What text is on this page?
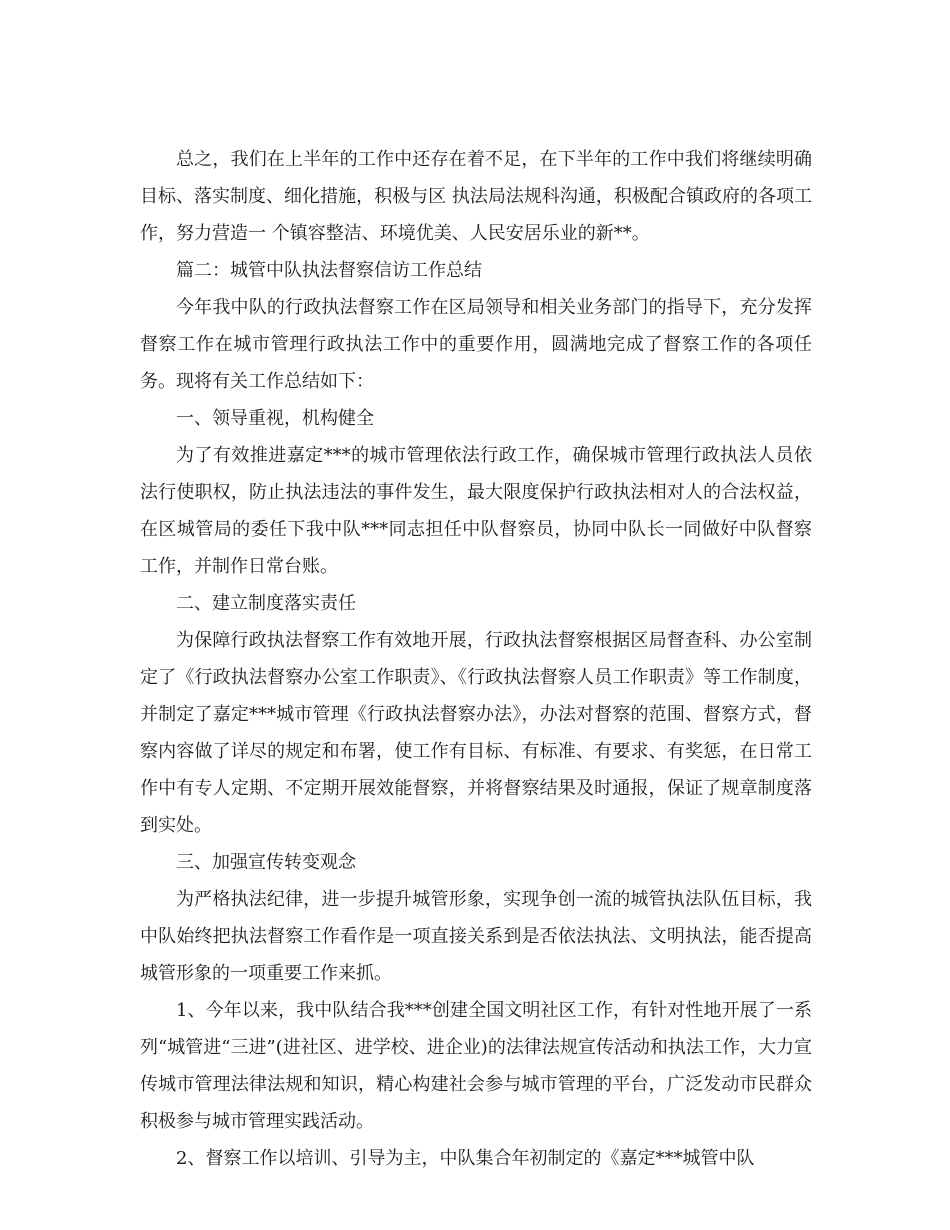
总之，我们在上半年的工作中还存在着不足，在下半年的工作中我们将继续明确目标、落实制度、细化措施，积极与区 执法局法规科沟通，积极配合镇政府的各项工作，努力营造一 个镇容整洁、环境优美、人民安居乐业的新**。

篇二：城管中队执法督察信访工作总结

今年我中队的行政执法督察工作在区局领导和相关业务部门的指导下，充分发挥督察工作在城市管理行政执法工作中的重要作用，圆满地完成了督察工作的各项任务。现将有关工作总结如下：

一、领导重视，机构健全

为了有效推进嘉定***的城市管理依法行政工作，确保城市管理行政执法人员依法行使职权，防止执法违法的事件发生，最大限度保护行政执法相对人的合法权益，在区城管局的委任下我中队***同志担任中队督察员，协同中队长一同做好中队督察工作，并制作日常台账。

二、建立制度落实责任

为保障行政执法督察工作有效地开展，行政执法督察根据区局督查科、办公室制定了《行政执法督察办公室工作职责》、《行政执法督察人员工作职责》等工作制度，并制定了嘉定***城市管理《行政执法督察办法》，办法对督察的范围、督察方式，督察内容做了详尽的规定和布署，使工作有目标、有标准、有要求、有奖惩，在日常工作中有专人定期、不定期开展效能督察，并将督察结果及时通报，保证了规章制度落到实处。

三、加强宣传转变观念

为严格执法纪律，进一步提升城管形象，实现争创一流的城管执法队伍目标，我中队始终把执法督察工作看作是一项直接关系到是否依法执法、文明执法，能否提高城管形象的一项重要工作来抓。

1、今年以来，我中队结合我***创建全国文明社区工作，有针对性地开展了一系列“城管进“三进”(进社区、进学校、进企业)的法律法规宣传活动和执法工作，大力宣传城市管理法律法规和知识，精心构建社会参与城市管理的平台，广泛发动市民群众积极参与城市管理实践活动。

2、督察工作以培训、引导为主，中队集合年初制定的《嘉定***城管中队
